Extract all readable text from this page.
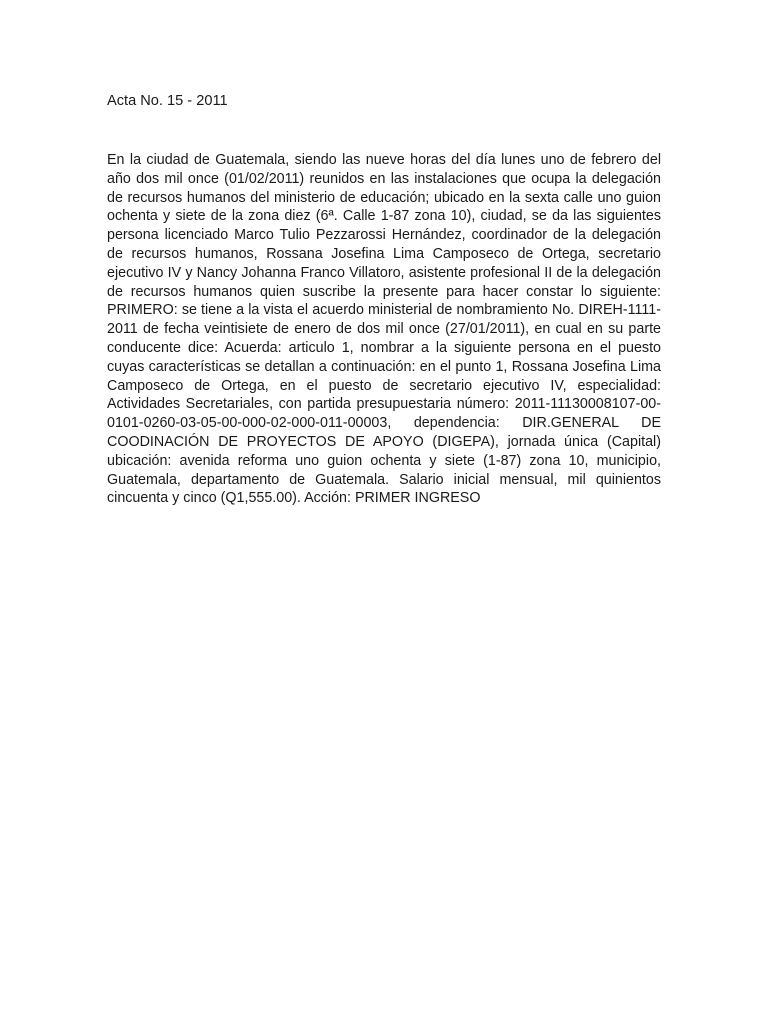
Acta No. 15 - 2011

En la ciudad de Guatemala, siendo las nueve horas del día lunes uno de febrero del año dos mil once (01/02/2011) reunidos en las instalaciones que ocupa la delegación de recursos humanos del ministerio de educación; ubicado en la sexta calle uno guion ochenta y siete de la zona diez (6ª. Calle 1-87 zona 10), ciudad, se da las siguientes persona licenciado Marco Tulio Pezzarossi Hernández, coordinador de la delegación de recursos humanos, Rossana Josefina Lima Camposeco de Ortega, secretario ejecutivo IV y Nancy Johanna Franco Villatoro, asistente profesional II de la delegación de recursos humanos quien suscribe la presente para hacer constar lo siguiente: PRIMERO: se tiene a la vista el acuerdo ministerial de nombramiento No. DIREH-1111-2011 de fecha veintisiete de enero de dos mil once (27/01/2011), en cual en su parte conducente dice: Acuerda: articulo 1, nombrar a la siguiente persona en el puesto cuyas características se detallan a continuación: en el punto 1, Rossana Josefina Lima Camposeco de Ortega, en el puesto de secretario ejecutivo IV, especialidad: Actividades Secretariales, con partida presupuestaria número: 2011-11130008107-00-0101-0260-03-05-00-000-02-000-011-00003, dependencia: DIR.GENERAL DE COODINACIÓN DE PROYECTOS DE APOYO (DIGEPA), jornada única (Capital) ubicación: avenida reforma uno guion ochenta y siete (1-87) zona 10, municipio, Guatemala, departamento de Guatemala. Salario inicial mensual, mil quinientos cincuenta y cinco (Q1,555.00). Acción: PRIMER INGRESO
